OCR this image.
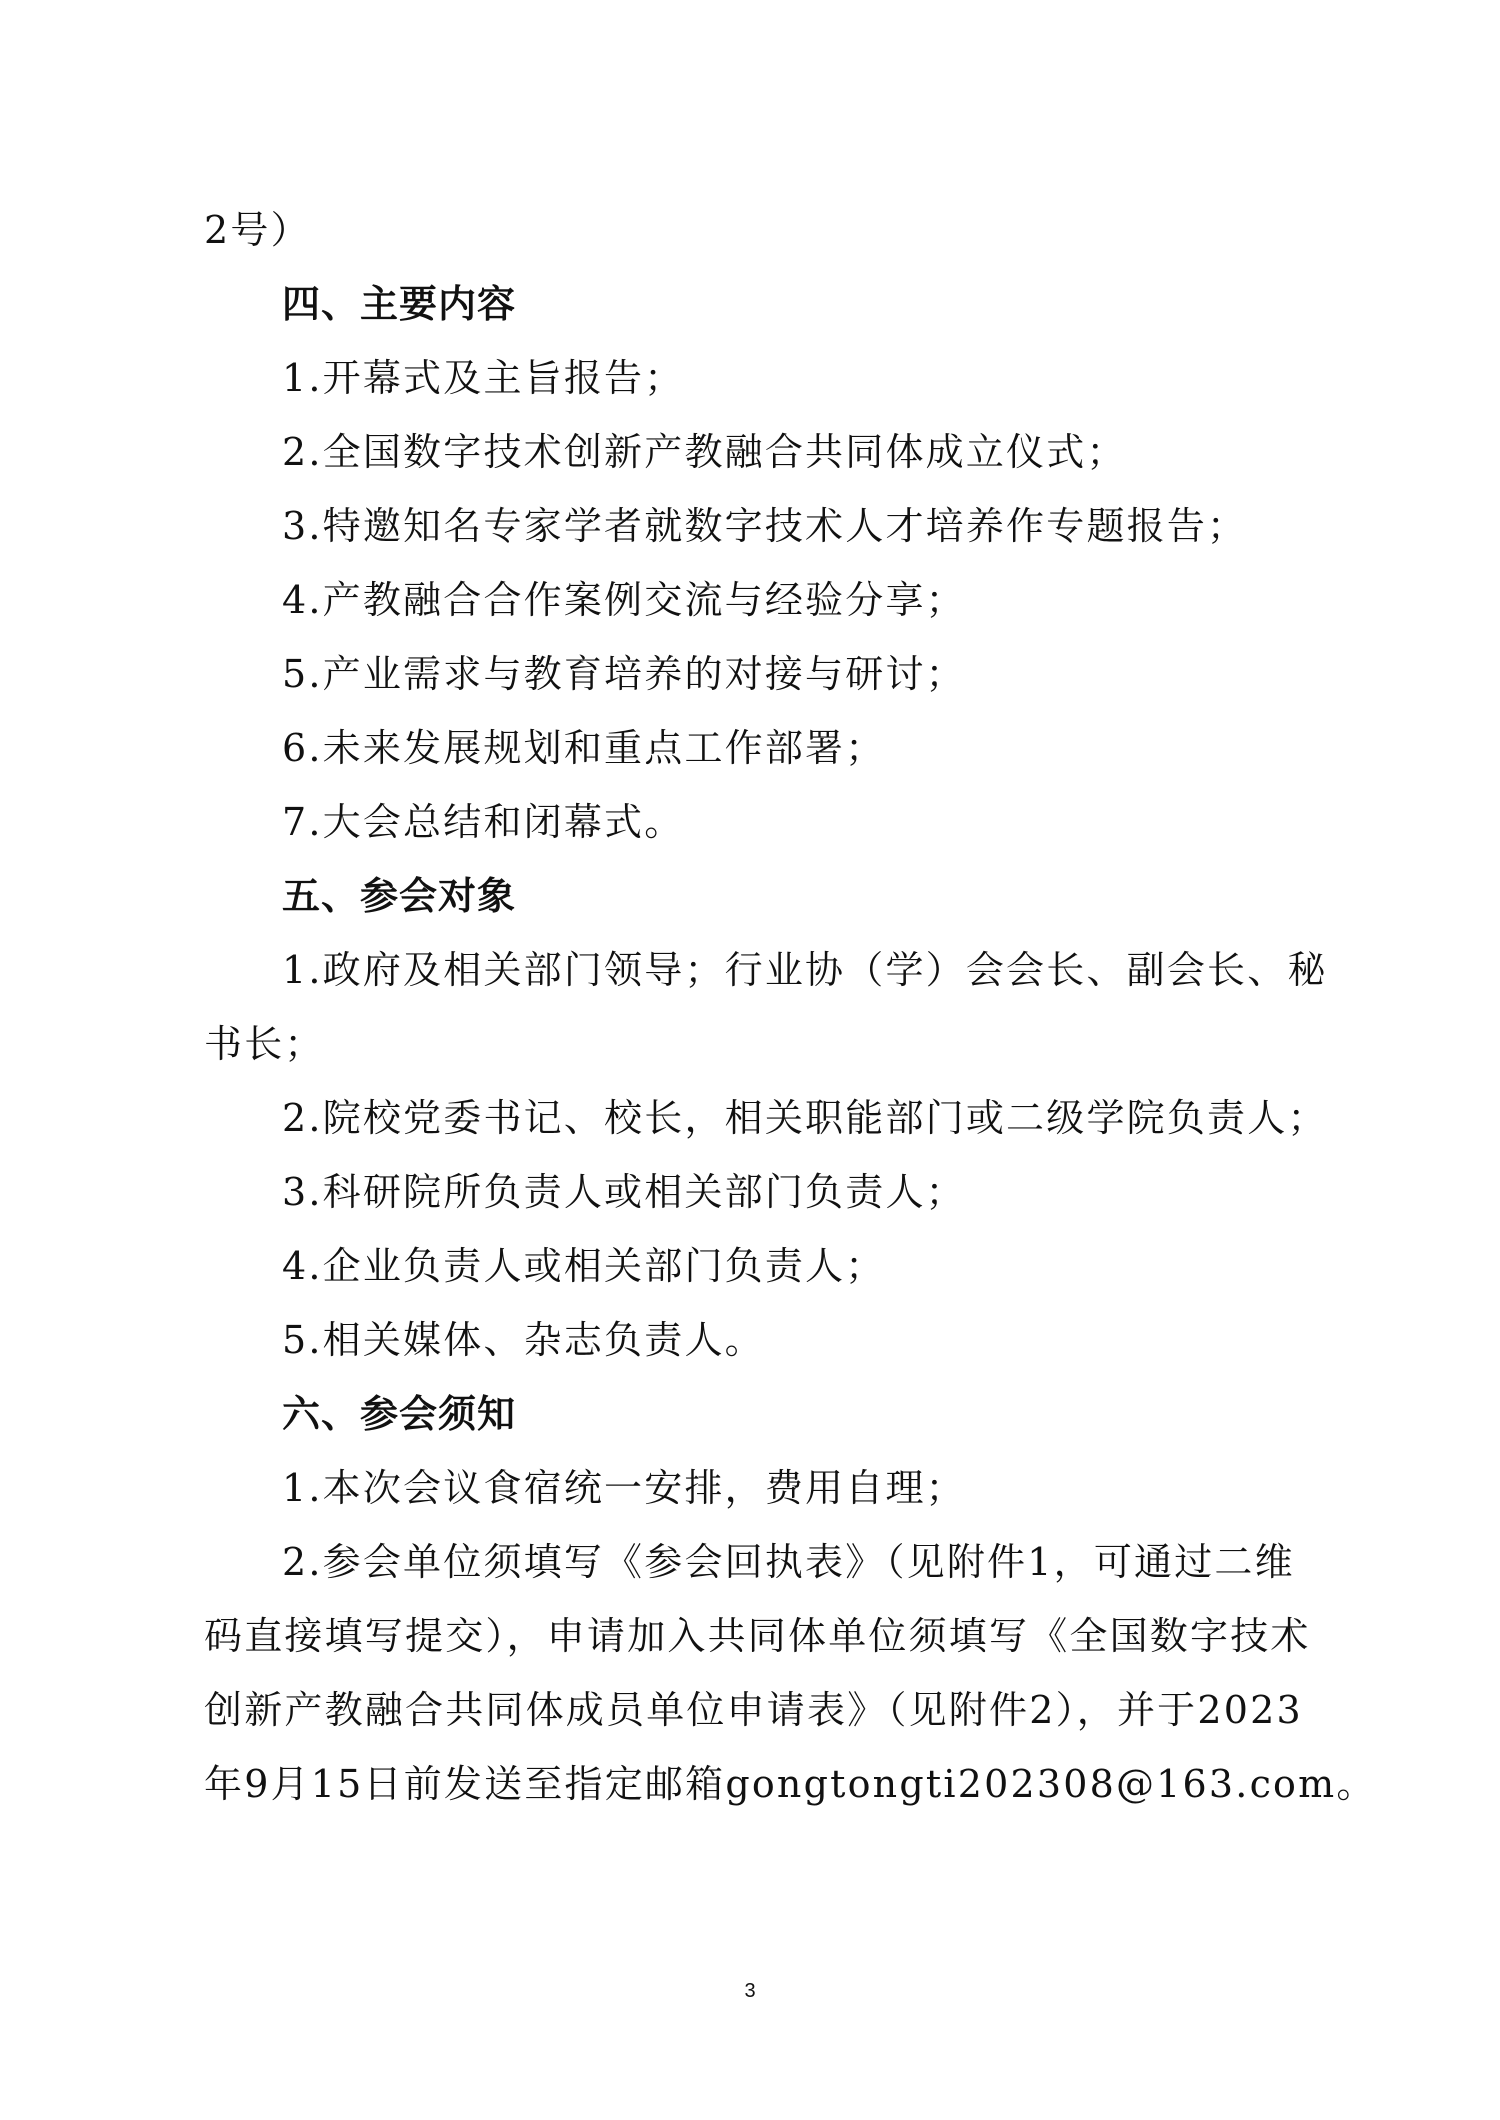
2号）
四、主要内容
1.开幕式及主旨报告；
2.全国数字技术创新产教融合共同体成立仪式；
3.特邀知名专家学者就数字技术人才培养作专题报告；
4.产教融合合作案例交流与经验分享；
5.产业需求与教育培养的对接与研讨；
6.未来发展规划和重点工作部署；
7.大会总结和闭幕式。
五、参会对象
1.政府及相关部门领导；行业协（学）会会长、副会长、秘
书长；
2.院校党委书记、校长，相关职能部门或二级学院负责人；
3.科研院所负责人或相关部门负责人；
4.企业负责人或相关部门负责人；
5.相关媒体、杂志负责人。
六、参会须知
1.本次会议食宿统一安排，费用自理；
2.参会单位须填写《参会回执表》（见附件1，可通过二维
码直接填写提交），申请加入共同体单位须填写《全国数字技术
创新产教融合共同体成员单位申请表》（见附件2），并于2023
年9月15日前发送至指定邮箱gongtongti202308@163.com。
3
